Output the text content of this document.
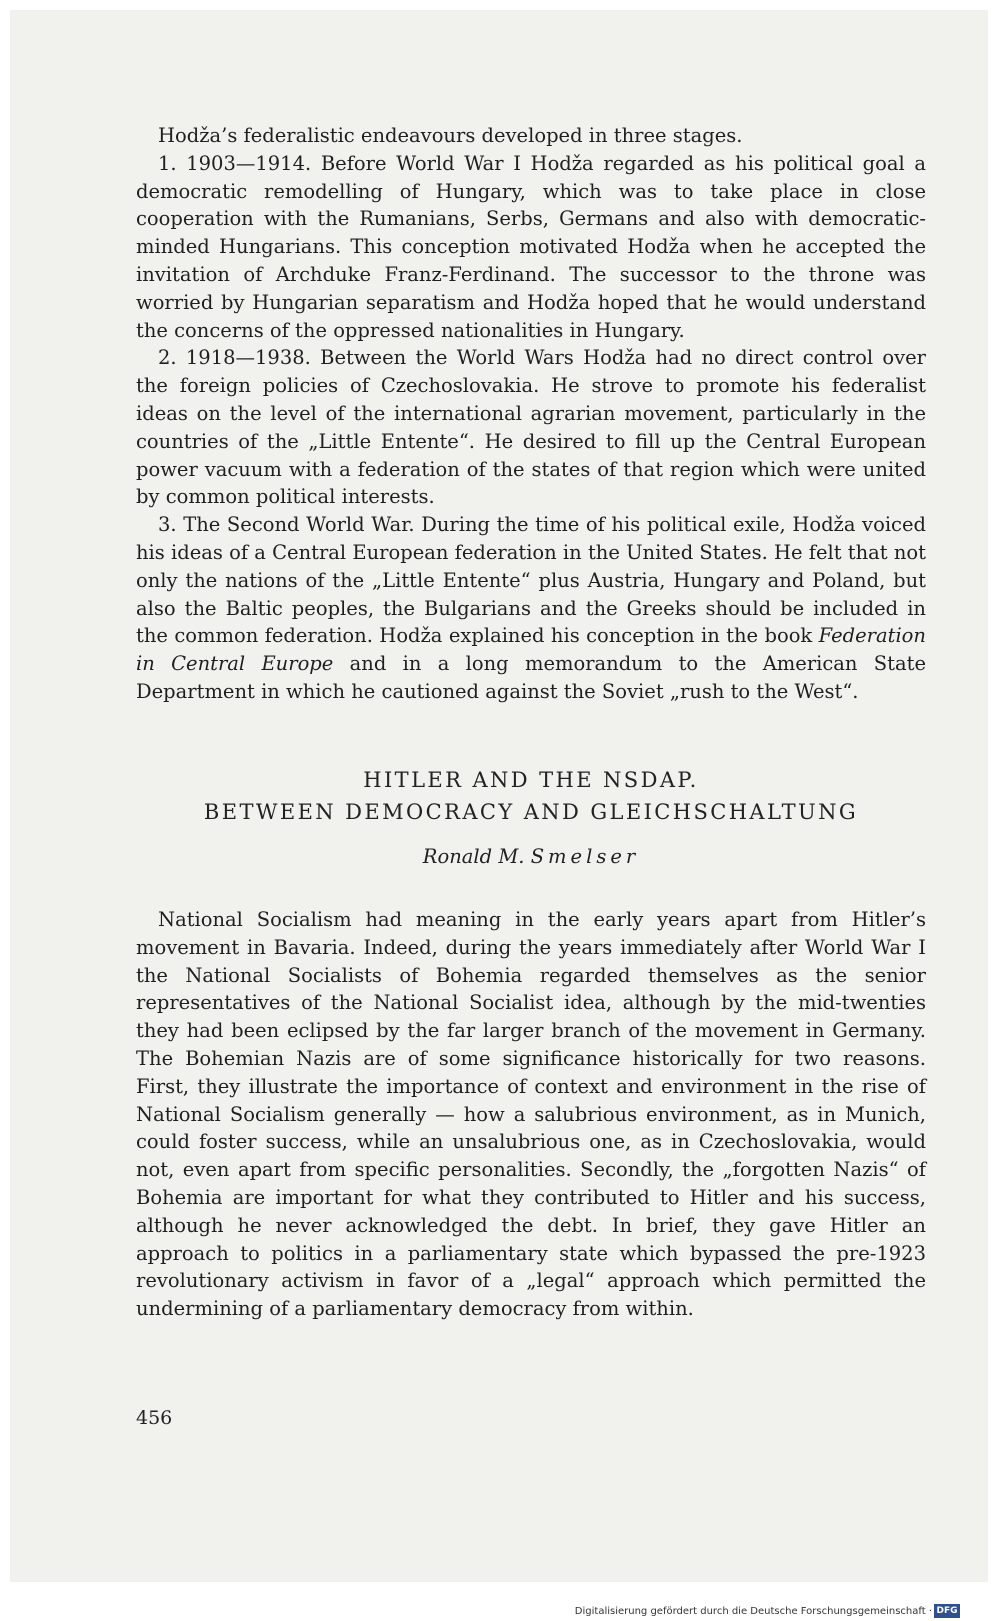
Hodža’s federalistic endeavours developed in three stages.

1. 1903—1914. Before World War I Hodža regarded as his political goal a democratic remodelling of Hungary, which was to take place in close cooperation with the Rumanians, Serbs, Germans and also with democratic-minded Hungarians. This conception motivated Hodža when he accepted the invitation of Archduke Franz-Ferdinand. The successor to the throne was worried by Hungarian separatism and Hodža hoped that he would understand the concerns of the oppressed nationalities in Hungary.

2. 1918—1938. Between the World Wars Hodža had no direct control over the foreign policies of Czechoslovakia. He strove to promote his federalist ideas on the level of the international agrarian movement, particularly in the countries of the „Little Entente“. He desired to fill up the Central European power vacuum with a federation of the states of that region which were united by common political interests.

3. The Second World War. During the time of his political exile, Hodža voiced his ideas of a Central European federation in the United States. He felt that not only the nations of the „Little Entente“ plus Austria, Hungary and Poland, but also the Baltic peoples, the Bulgarians and the Greeks should be included in the common federation. Hodža explained his conception in the book Federation in Central Europe and in a long memorandum to the American State Department in which he cautioned against the Soviet „rush to the West“.

HITLER AND THE NSDAP.
BETWEEN DEMOCRACY AND GLEICHSCHALTUNG
Ronald M. Smelser

National Socialism had meaning in the early years apart from Hitler’s movement in Bavaria. Indeed, during the years immediately after World War I the National Socialists of Bohemia regarded themselves as the senior representatives of the National Socialist idea, although by the mid-twenties they had been eclipsed by the far larger branch of the movement in Germany. The Bohemian Nazis are of some significance historically for two reasons. First, they illustrate the importance of context and environment in the rise of National Socialism generally — how a salubrious environment, as in Munich, could foster success, while an unsalubrious one, as in Czechoslovakia, would not, even apart from specific personalities. Secondly, the „forgotten Nazis“ of Bohemia are important for what they contributed to Hitler and his success, although he never acknowledged the debt. In brief, they gave Hitler an approach to politics in a parliamentary state which bypassed the pre-1923 revolutionary activism in favor of a „legal“ approach which permitted the undermining of a parliamentary democracy from within.

456
Digitalisierung gefördert durch die Deutsche Forschungsgemeinschaft · DFG
